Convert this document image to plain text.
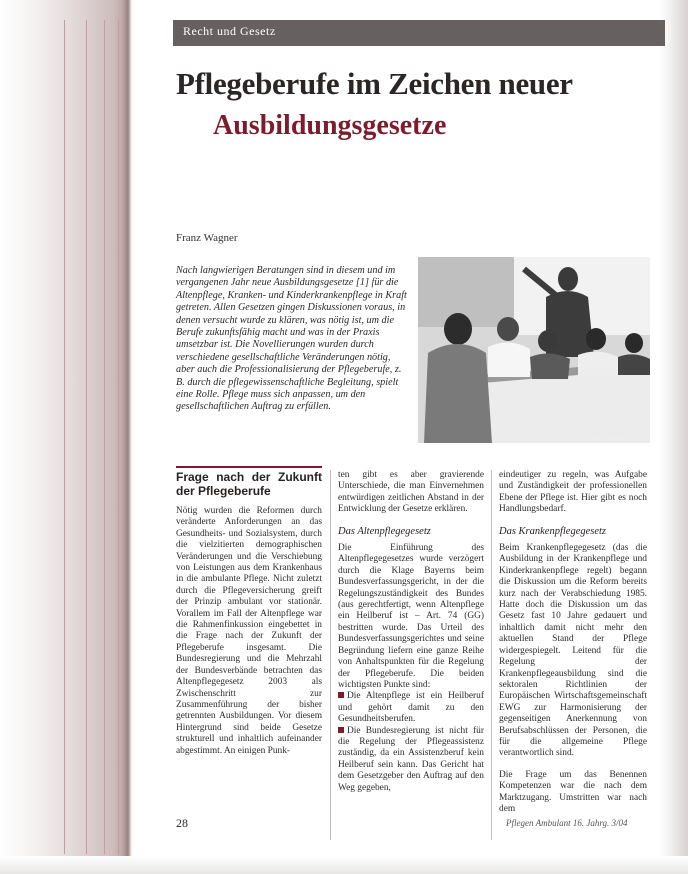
Recht und Gesetz
Pflegeberufe im Zeichen neuer
Ausbildungsgesetze
Franz Wagner
Nach langwierigen Beratungen sind in diesem und im vergangenen Jahr neue Ausbildungsgesetze [1] für die Altenpflege, Kranken- und Kinderkrankenpflege in Kraft getreten. Allen Gesetzen gingen Diskussionen voraus, in denen versucht wurde zu klären, was nötig ist, um die Berufe zukunftsfähig macht und was in der Praxis umsetzbar ist. Die Novellierungen wurden durch verschiedene gesellschaftliche Veränderungen nötig, aber auch die Professionalisierung der Pflegeberufe, z. B. durch die pflegewissenschaftliche Begleitung, spielt eine Rolle. Pflege muss sich anpassen, um den gesellschaftlichen Auftrag zu erfüllen.
Foto: Privat
Frage nach der Zukunft der Pflegeberufe

Nötig wurden die Reformen durch veränderte Anforderungen an das Gesundheits- und Sozialsystem, durch die vielzitierten demographischen Veränderungen und die Verschiebung von Leistungen aus dem Krankenhaus in die ambulante Pflege. Nicht zuletzt durch die Pflegeversicherung greift der Prinzip ambulant vor stationär. Vorallem im Fall der Altenpflege war die Rahmenfinkussion eingebettet in die Frage nach der Zukunft der Pflegeberufe insgesamt. Die Bundesregierung und die Mehrzahl der Bundesverbände betrachten das Altenpflegegesetz 2003 als Zwischenschritt zur Zusammenführung der bisher getrennten Ausbildungen. Vor diesem Hintergrund sind beide Gesetze strukturell und inhaltlich aufeinander abgestimmt. An einigen Punk-

ten gibt es aber gravierende Unterschiede, die man Einvernehmen entwürdigen zeitlichen Abstand in der Entwicklung der Gesetze erklären.

Das Altenpflegegesetz

Die Einführung des Altenpflegegesetzes wurde verzögert durch die Klage Bayerns beim Bundesverfassungsgericht, in der die Regelungszuständigkeit des Bundes (aus gerechtfertigt, wenn Altenpflege ein Heilberuf ist – Art. 74 (GG) bestritten wurde. Das Urteil des Bundesverfassungsgerichtes und seine Begründung liefern eine ganze Reihe von Anhaltspunkten für die Regelung der Pflegeberufe. Die beiden wichtigsten Punkte sind:

Die Altenpflege ist ein Heilberuf und gehört damit zu den Gesundheitsberufen.

Die Bundesregierung ist nicht für die Regelung der Pflegeassistenz zuständig, da ein Assistenzberuf kein Heilberuf sein kann. Das Gericht hat dem Gesetzgeber den Auftrag auf den Weg gegeben,

eindeutiger zu regeln, was Aufgabe und Zuständigkeit der professionellen Ebene der Pflege ist. Hier gibt es noch Handlungsbedarf.

Das Krankenpflegegesetz

Beim Krankenpflegegesetz (das die Ausbildung in der Krankenpflege und Kinderkrankenpflege regelt) begann die Diskussion um die Reform bereits kurz nach der Verabschiedung 1985. Hatte doch die Diskussion um das Gesetz fast 10 Jahre gedauert und inhaltlich damit nicht mehr den aktuellen Stand der Pflege widergespiegelt. Leitend für die Regelung der Krankenpflegeausbildung sind die sektoralen Richtlinien der Europäischen Wirtschaftsgemeinschaft EWG zur Harmonisierung der gegenseitigen Anerkennung von Berufsabschlüssen der Personen, die für die allgemeine Pflege verantwortlich sind.

Die Frage um das Benennen Kompetenzen war die nach dem Marktzugang. Umstritten war nach dem

28	Pflegen Ambulant 16. Jahrg. 3/04
